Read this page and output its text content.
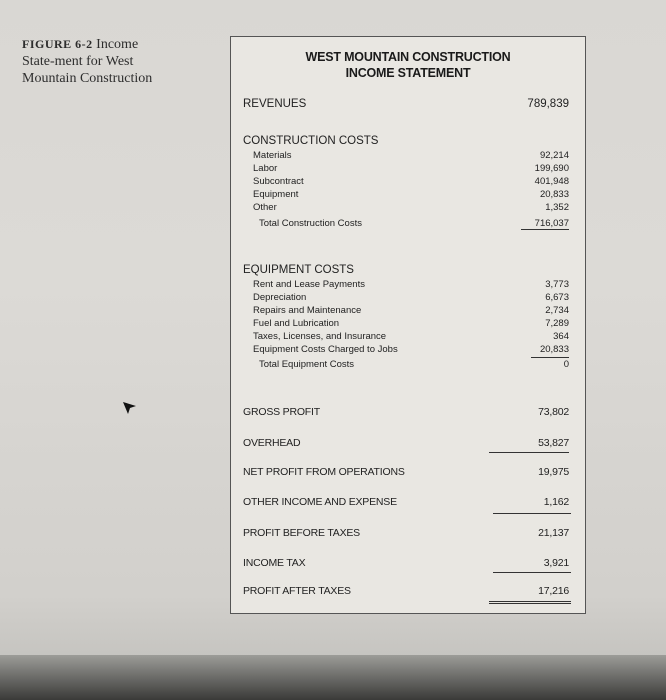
FIGURE 6-2 Income
State-ment for West
Mountain Construction
WEST MOUNTAIN CONSTRUCTION
INCOME STATEMENT
REVENUES	789,839
CONSTRUCTION COSTS
Materials	92,214
Labor	199,690
Subcontract	401,948
Equipment	20,833
Other	1,352
Total Construction Costs	716,037
EQUIPMENT COSTS
Rent and Lease Payments	3,773
Depreciation	6,673
Repairs and Maintenance	2,734
Fuel and Lubrication	7,289
Taxes, Licenses, and Insurance	364
Equipment Costs Charged to Jobs	20,833
Total Equipment Costs	0
GROSS PROFIT	73,802
OVERHEAD	53,827
NET PROFIT FROM OPERATIONS	19,975
OTHER INCOME AND EXPENSE	1,162
PROFIT BEFORE TAXES	21,137
INCOME TAX	3,921
PROFIT AFTER TAXES	17,216
